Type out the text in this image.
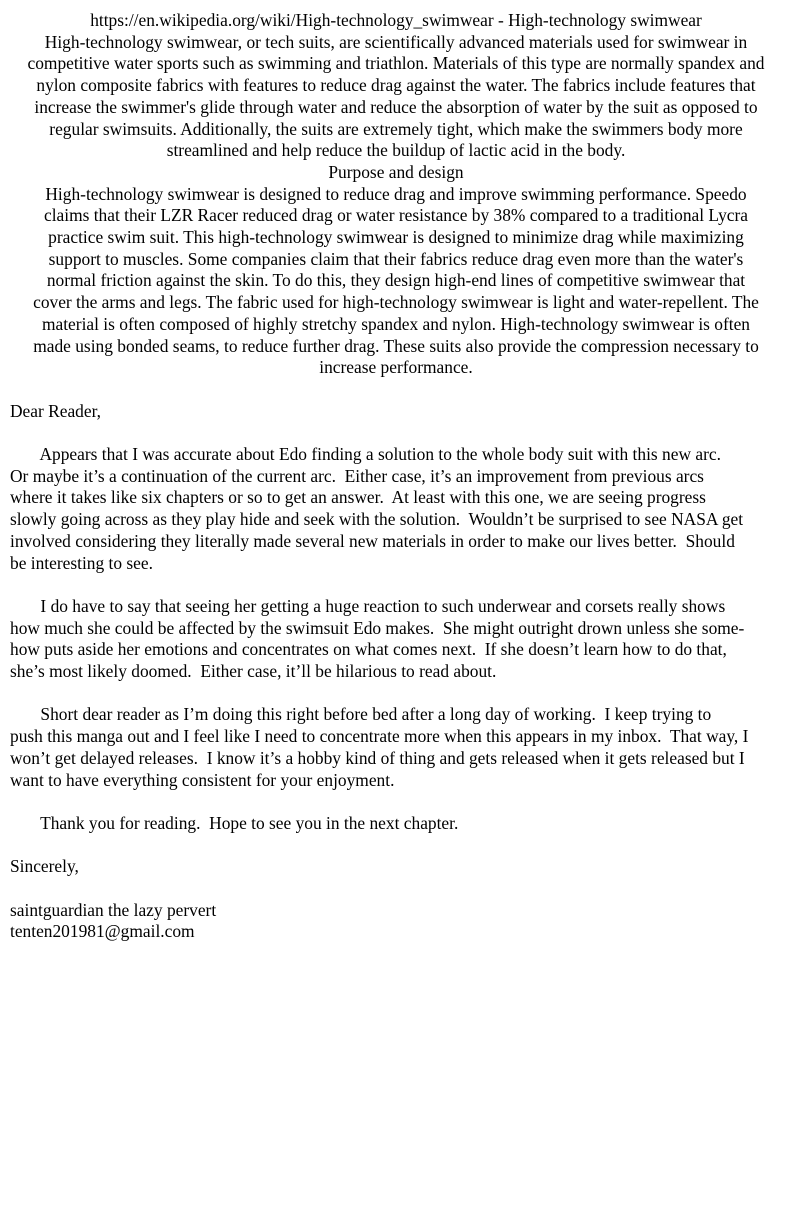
https://en.wikipedia.org/wiki/High-technology_swimwear - High-technology swimwear
High-technology swimwear, or tech suits, are scientifically advanced materials used for swimwear in
competitive water sports such as swimming and triathlon. Materials of this type are normally spandex and
nylon composite fabrics with features to reduce drag against the water. The fabrics include features that
increase the swimmer's glide through water and reduce the absorption of water by the suit as opposed to
regular swimsuits. Additionally, the suits are extremely tight, which make the swimmers body more
streamlined and help reduce the buildup of lactic acid in the body.
Purpose and design
High-technology swimwear is designed to reduce drag and improve swimming performance. Speedo
claims that their LZR Racer reduced drag or water resistance by 38% compared to a traditional Lycra
practice swim suit. This high-technology swimwear is designed to minimize drag while maximizing
support to muscles. Some companies claim that their fabrics reduce drag even more than the water's
normal friction against the skin. To do this, they design high-end lines of competitive swimwear that
cover the arms and legs. The fabric used for high-technology swimwear is light and water-repellent. The
material is often composed of highly stretchy spandex and nylon. High-technology swimwear is often
made using bonded seams, to reduce further drag. These suits also provide the compression necessary to
increase performance.
Dear Reader,
Appears that I was accurate about Edo finding a solution to the whole body suit with this new arc.
Or maybe it’s a continuation of the current arc.  Either case, it’s an improvement from previous arcs
where it takes like six chapters or so to get an answer.  At least with this one, we are seeing progress
slowly going across as they play hide and seek with the solution.  Wouldn’t be surprised to see NASA get
involved considering they literally made several new materials in order to make our lives better.  Should
be interesting to see.
I do have to say that seeing her getting a huge reaction to such underwear and corsets really shows
how much she could be affected by the swimsuit Edo makes.  She might outright drown unless she some-
how puts aside her emotions and concentrates on what comes next.  If she doesn’t learn how to do that,
she’s most likely doomed.  Either case, it’ll be hilarious to read about.
Short dear reader as I’m doing this right before bed after a long day of working.  I keep trying to
push this manga out and I feel like I need to concentrate more when this appears in my inbox.  That way, I
won’t get delayed releases.  I know it’s a hobby kind of thing and gets released when it gets released but I
want to have everything consistent for your enjoyment.
Thank you for reading.  Hope to see you in the next chapter.
Sincerely,
saintguardian the lazy pervert
tenten201981@gmail.com
